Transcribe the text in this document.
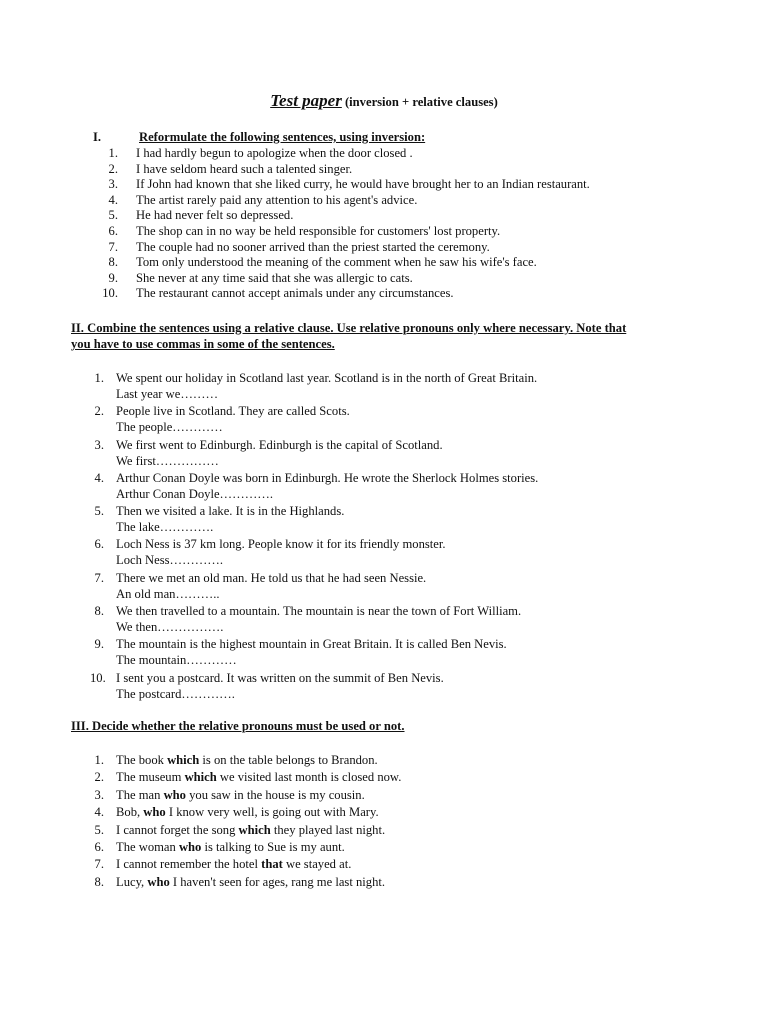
Test paper (inversion + relative clauses)
I.	Reformulate the following sentences, using inversion:
1. I had hardly begun to apologize when the door closed .
2. I have seldom heard such a talented singer.
3. If John had known that she liked curry, he would have brought her to an Indian restaurant.
4. The artist rarely paid any attention to his agent's advice.
5. He had never felt so depressed.
6. The shop can in no way be held responsible for customers' lost property.
7. The couple had no sooner arrived than the priest started the ceremony.
8. Tom only understood the meaning of the comment when he saw his wife's face.
9. She never at any time said that she was allergic to cats.
10. The restaurant cannot accept animals under any circumstances.
II. Combine the sentences using a relative clause. Use relative pronouns only where necessary. Note that
you have to use commas in some of the sentences.
1. We spent our holiday in Scotland last year. Scotland is in the north of Great Britain.
Last year we………
2. People live in Scotland. They are called Scots.
The people…………
3. We first went to Edinburgh. Edinburgh is the capital of Scotland.
We first……………
4. Arthur Conan Doyle was born in Edinburgh. He wrote the Sherlock Holmes stories.
Arthur Conan Doyle………….
5. Then we visited a lake. It is in the Highlands.
The lake………….
6. Loch Ness is 37 km long. People know it for its friendly monster.
Loch Ness………….
7. There we met an old man. He told us that he had seen Nessie.
An old man………..
8. We then travelled to a mountain. The mountain is near the town of Fort William.
We then…………….
9. The mountain is the highest mountain in Great Britain. It is called Ben Nevis.
The mountain…………
10. I sent you a postcard. It was written on the summit of Ben Nevis.
The postcard………….
III. Decide whether the relative pronouns must be used or not.
1. The book which is on the table belongs to Brandon.
2. The museum which we visited last month is closed now.
3. The man who you saw in the house is my cousin.
4. Bob, who I know very well, is going out with Mary.
5. I cannot forget the song which they played last night.
6. The woman who is talking to Sue is my aunt.
7. I cannot remember the hotel that we stayed at.
8. Lucy, who I haven't seen for ages, rang me last night.
